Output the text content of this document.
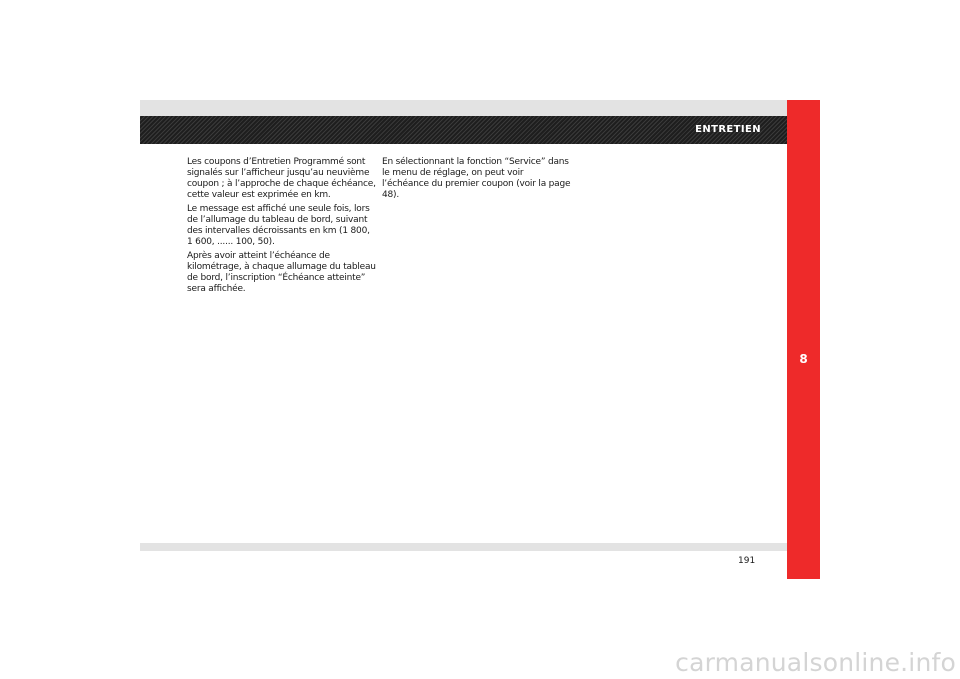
ENTRETIEN
8

Les coupons d’Entretien Programmé sont signalés sur l’afficheur jusqu’au neuvième coupon ; à l’approche de chaque échéance, cette valeur est exprimée en km.

Le message est affiché une seule fois, lors de l’allumage du tableau de bord, suivant des intervalles décroissants en km (1 800, 1 600, ...... 100, 50).

Après avoir atteint l’échéance de kilométrage, à chaque allumage du tableau de bord, l’inscription “Échéance atteinte” sera affichée.

En sélectionnant la fonction “Service” dans le menu de réglage, on peut voir l’échéance du premier coupon (voir la page 48).

191
carmanualsonline.info
